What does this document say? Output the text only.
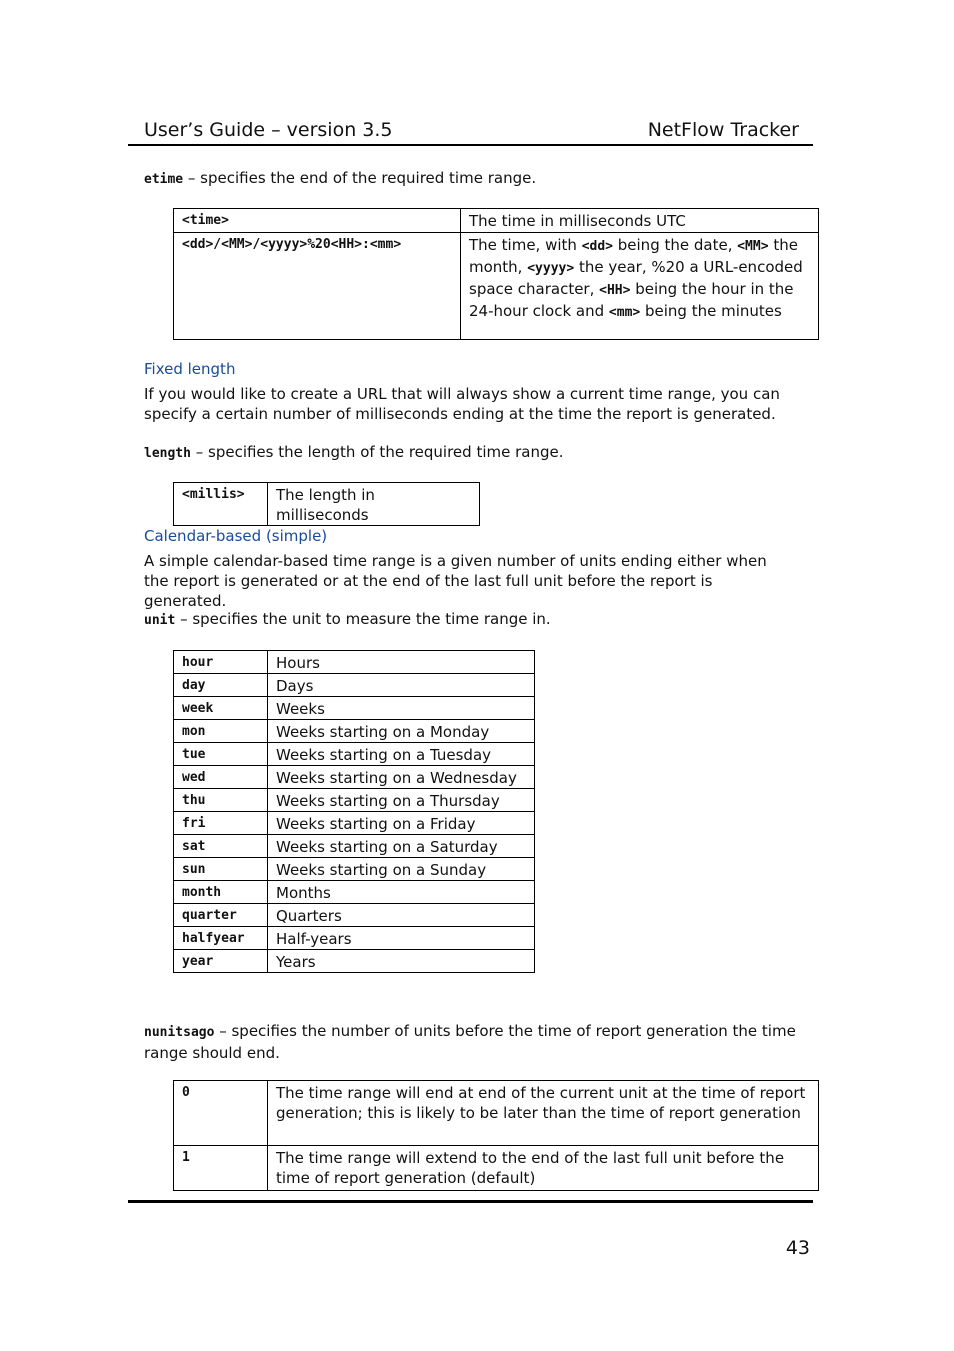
User’s Guide – version 3.5	NetFlow Tracker

etime – specifies the end of the required time range.

<time>	The time in milliseconds UTC
<dd>/<MM>/<yyyy>%20<HH>:<mm>	The time, with <dd> being the date, <MM> the month, <yyyy> the year, %20 a URL-encoded space character, <HH> being the hour in the 24-hour clock and <mm> being the minutes
Fixed length

If you would like to create a URL that will always show a current time range, you can specify a certain number of milliseconds ending at the time the report is generated.

length – specifies the length of the required time range.

<millis>	The length in milliseconds
Calendar-based (simple)

A simple calendar-based time range is a given number of units ending either when the report is generated or at the end of the last full unit before the report is generated.

unit – specifies the unit to measure the time range in.

hour	Hours
day	Days
week	Weeks
mon	Weeks starting on a Monday
tue	Weeks starting on a Tuesday
wed	Weeks starting on a Wednesday
thu	Weeks starting on a Thursday
fri	Weeks starting on a Friday
sat	Weeks starting on a Saturday
sun	Weeks starting on a Sunday
month	Months
quarter	Quarters
halfyear	Half-years
year	Years

nunitsago – specifies the number of units before the time of report generation the time range should end.

0	The time range will end at end of the current unit at the time of report generation; this is likely to be later than the time of report generation
1	The time range will extend to the end of the last full unit before the time of report generation (default)
43
